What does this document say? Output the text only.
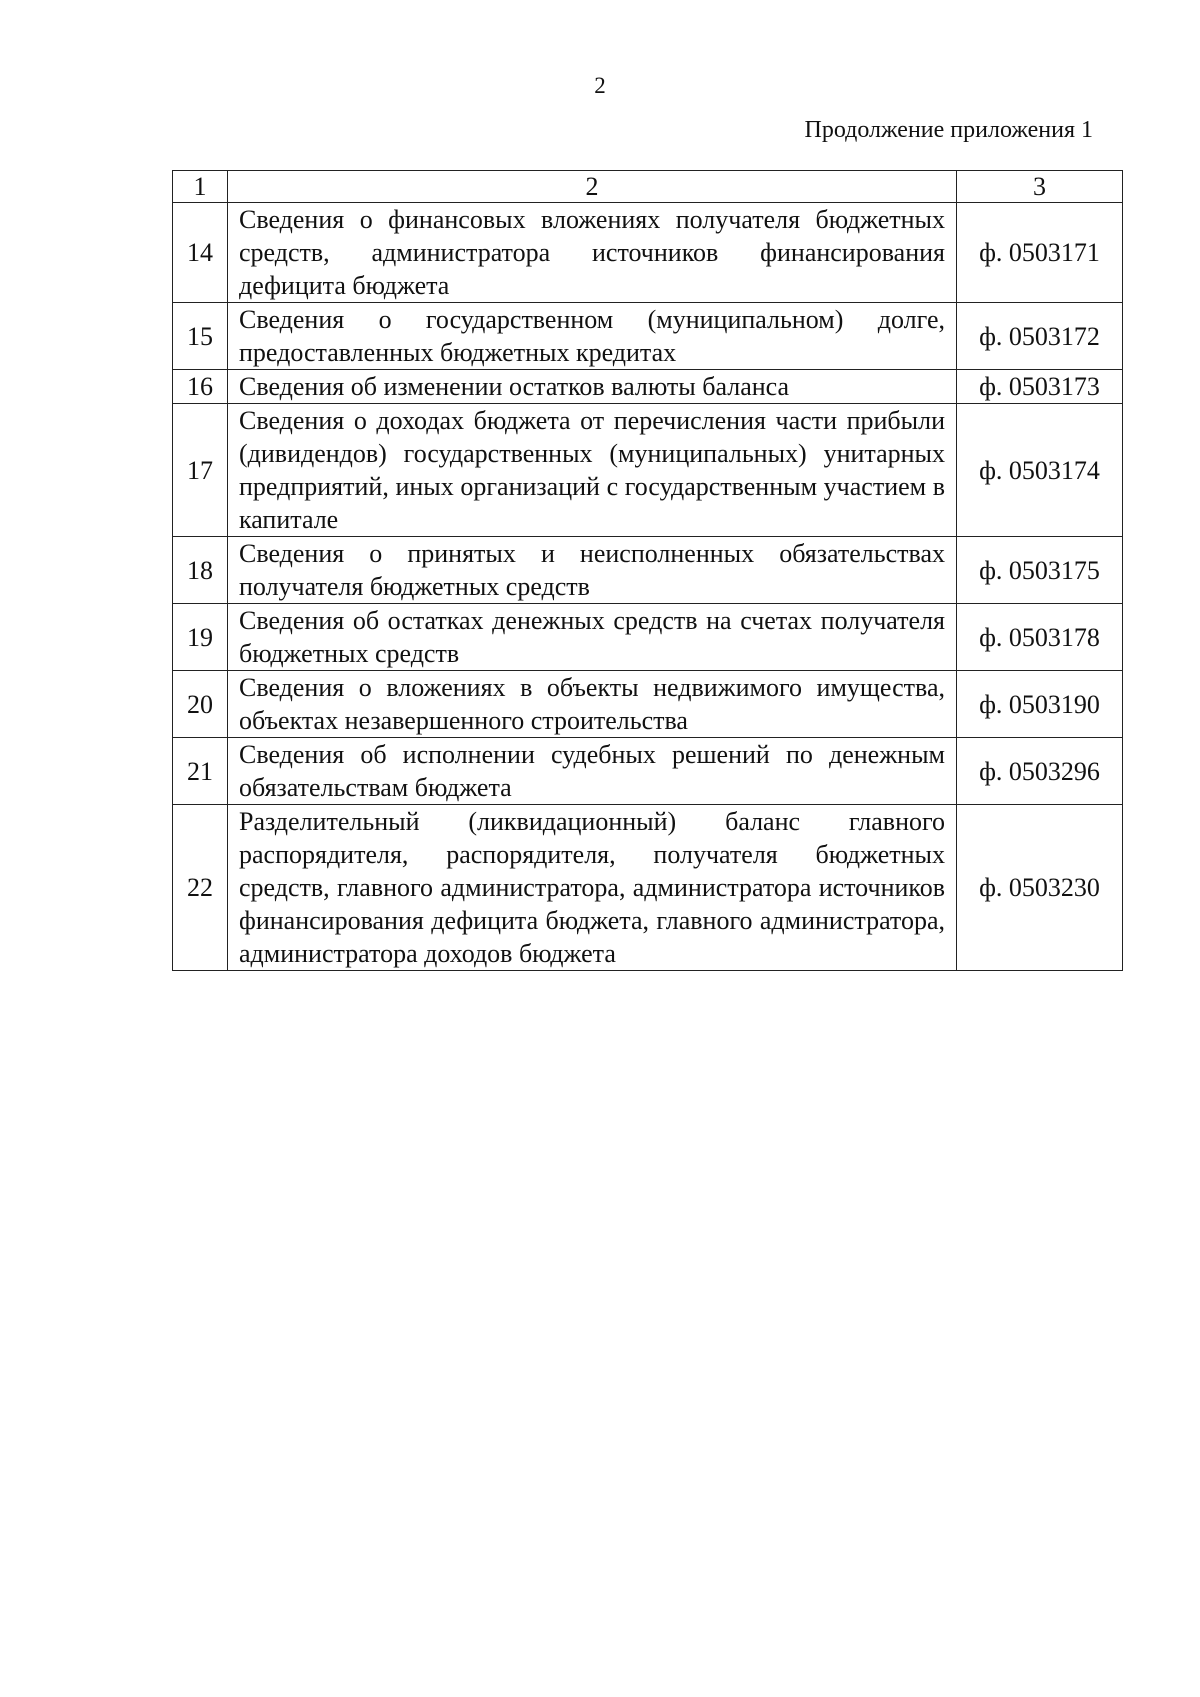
2
Продолжение приложения 1
1	2	3
14	Сведения о финансовых вложениях получателя бюджетных средств, администратора источников финансирования дефицита бюджета	ф. 0503171
15	Сведения о государственном (муниципальном) долге, предоставленных бюджетных кредитах	ф. 0503172
16	Сведения об изменении остатков валюты баланса	ф. 0503173
17	Сведения о доходах бюджета от перечисления части прибыли (дивидендов) государственных (муниципальных) унитарных предприятий, иных организаций с государственным участием в капитале	ф. 0503174
18	Сведения о принятых и неисполненных обязательствах получателя бюджетных средств	ф. 0503175
19	Сведения об остатках денежных средств на счетах получателя бюджетных средств	ф. 0503178
20	Сведения о вложениях в объекты недвижимого имущества, объектах незавершенного строительства	ф. 0503190
21	Сведения об исполнении судебных решений по денежным обязательствам бюджета	ф. 0503296
22	Разделительный (ликвидационный) баланс главного распорядителя, распорядителя, получателя бюджетных средств, главного администратора, администратора источников финансирования дефицита бюджета, главного администратора, администратора доходов бюджета	ф. 0503230
